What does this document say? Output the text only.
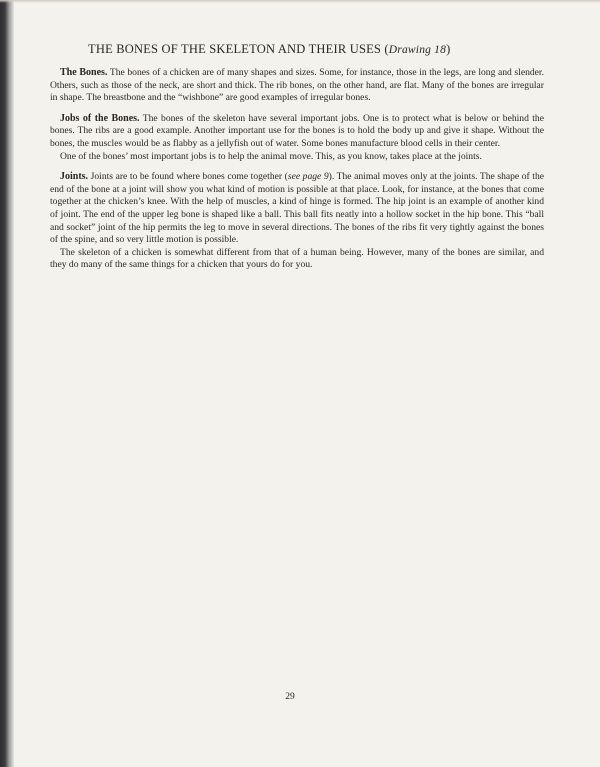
THE BONES OF THE SKELETON AND THEIR USES (Drawing 18)

The Bones. The bones of a chicken are of many shapes and sizes. Some, for instance, those in the legs, are long and slender. Others, such as those of the neck, are short and thick. The rib bones, on the other hand, are flat. Many of the bones are irregular in shape. The breastbone and the “wishbone” are good examples of irregular bones.

Jobs of the Bones. The bones of the skeleton have several important jobs. One is to protect what is below or behind the bones. The ribs are a good example. Another important use for the bones is to hold the body up and give it shape. Without the bones, the muscles would be as flabby as a jellyfish out of water. Some bones manufacture blood cells in their center.

One of the bones’ most important jobs is to help the animal move. This, as you know, takes place at the joints.

Joints. Joints are to be found where bones come together (see page 9). The animal moves only at the joints. The shape of the end of the bone at a joint will show you what kind of motion is possible at that place. Look, for instance, at the bones that come together at the chicken’s knee. With the help of muscles, a kind of hinge is formed. The hip joint is an example of another kind of joint. The end of the upper leg bone is shaped like a ball. This ball fits neatly into a hollow socket in the hip bone. This “ball and socket” joint of the hip permits the leg to move in several directions. The bones of the ribs fit very tightly against the bones of the spine, and so very little motion is possible.

The skeleton of a chicken is somewhat different from that of a human being. However, many of the bones are similar, and they do many of the same things for a chicken that yours do for you.

29
